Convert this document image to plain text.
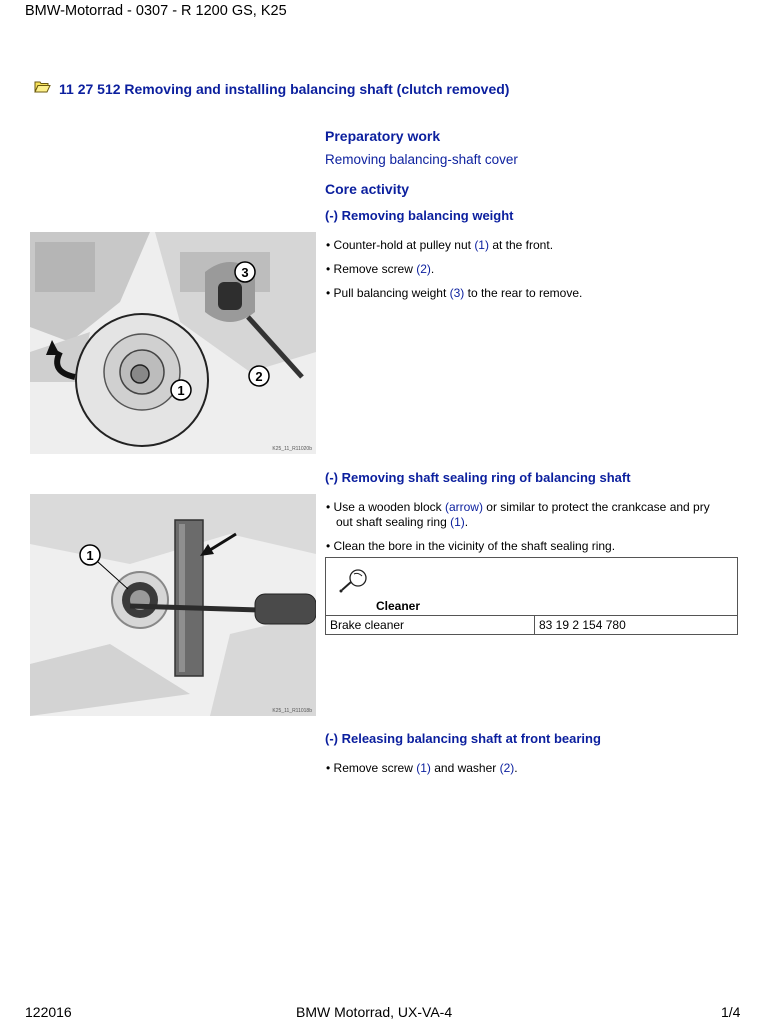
BMW-Motorrad - 0307 - R 1200 GS, K25
11 27 512 Removing and installing balancing shaft (clutch removed)
Preparatory work
Removing balancing-shaft cover
Core activity
(-) Removing balancing weight
1
2
3
K25_11_R11020b
• Counter-hold at pulley nut (1) at the front.
• Remove screw (2).
• Pull balancing weight (3) to the rear to remove.
(-) Removing shaft sealing ring of balancing shaft
1
K25_11_R11018b
• Use a wooden block (arrow) or similar to protect the crankcase and pry
out shaft sealing ring (1).
• Clean the bore in the vicinity of the shaft sealing ring.
Cleaner
Brake cleaner	83 19 2 154 780
(-) Releasing balancing shaft at front bearing
• Remove screw (1) and washer (2).
122016	BMW Motorrad, UX-VA-4	1/4
